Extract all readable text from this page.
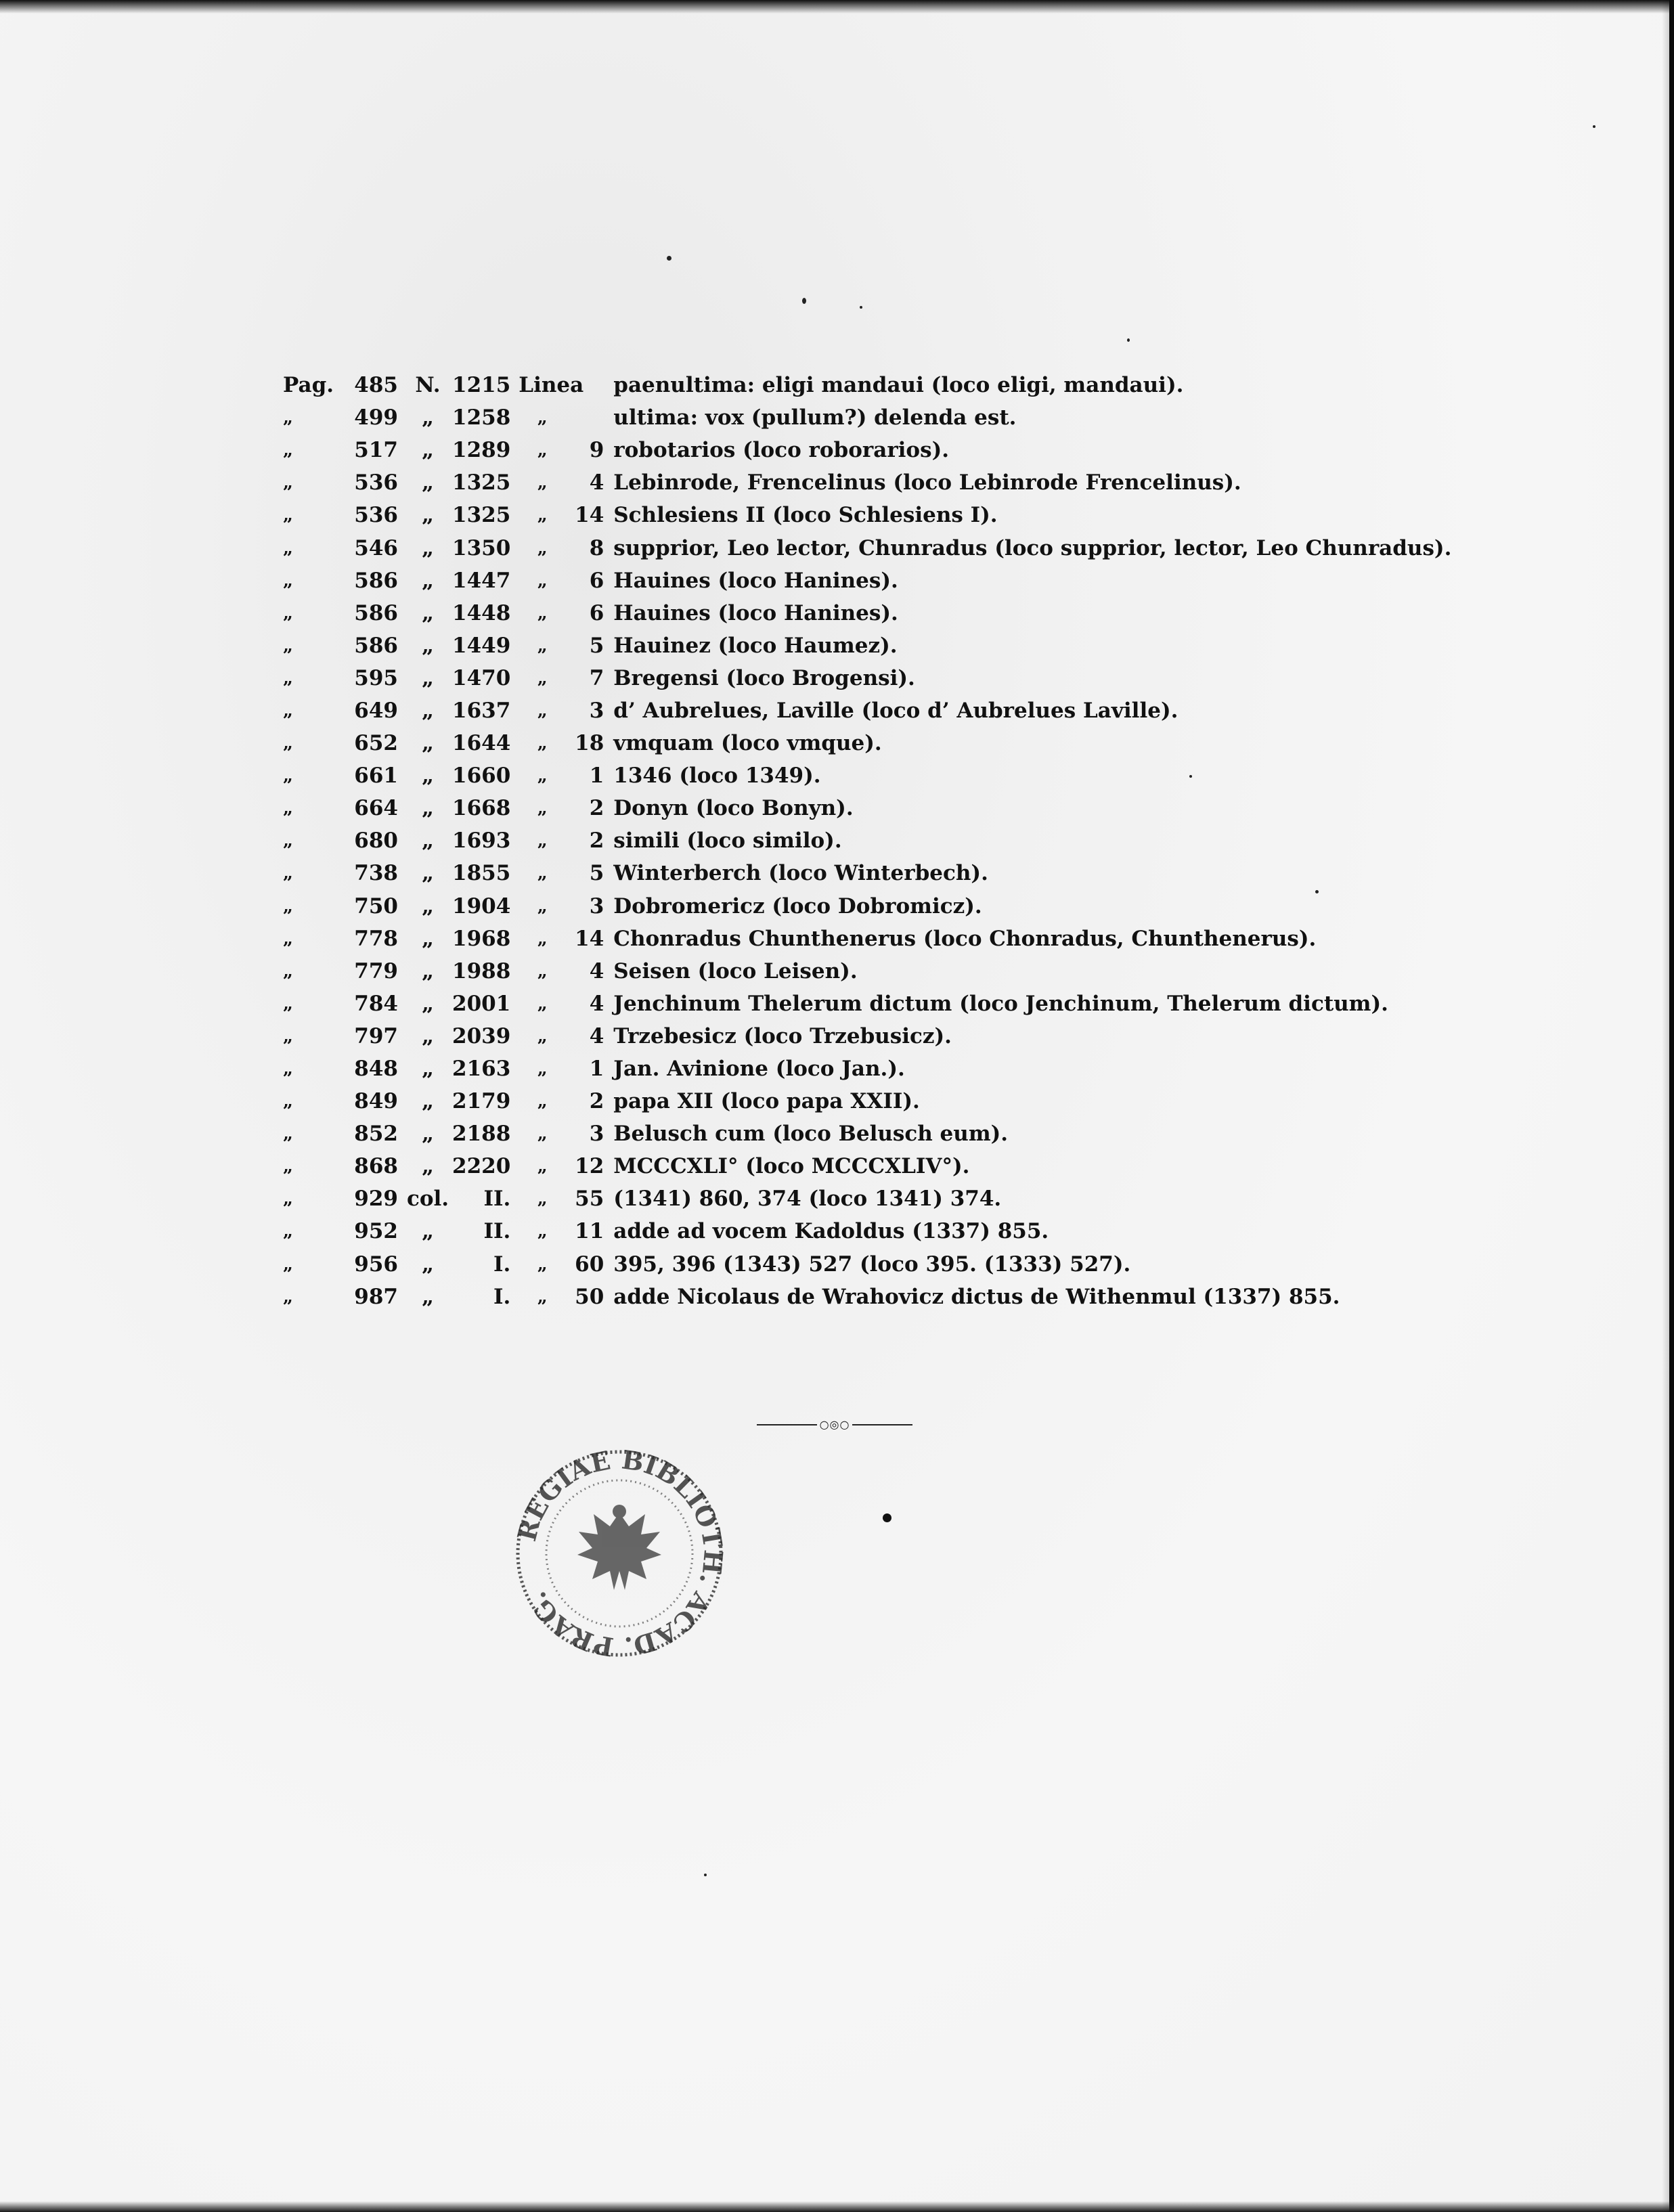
Pag.	485	N.	1215	Linea		paenultima: eligi mandaui (loco eligi, mandaui).
„	499	„	1258	„		ultima: vox (pullum?) delenda est.
„	517	„	1289	„	9	robotarios (loco roborarios).
„	536	„	1325	„	4	Lebinrode, Frencelinus (loco Lebinrode Frencelinus).
„	536	„	1325	„	14	Schlesiens II (loco Schlesiens I).
„	546	„	1350	„	8	supprior, Leo lector, Chunradus (loco supprior, lector, Leo Chunradus).
„	586	„	1447	„	6	Hauines (loco Hanines).
„	586	„	1448	„	6	Hauines (loco Hanines).
„	586	„	1449	„	5	Hauinez (loco Haumez).
„	595	„	1470	„	7	Bregensi (loco Brogensi).
„	649	„	1637	„	3	d’ Aubrelues, Laville (loco d’ Aubrelues Laville).
„	652	„	1644	„	18	vmquam (loco vmque).
„	661	„	1660	„	1	1346 (loco 1349).
„	664	„	1668	„	2	Donyn (loco Bonyn).
„	680	„	1693	„	2	simili (loco similo).
„	738	„	1855	„	5	Winterberch (loco Winterbech).
„	750	„	1904	„	3	Dobromericz (loco Dobromicz).
„	778	„	1968	„	14	Chonradus Chunthenerus (loco Chonradus, Chunthenerus).
„	779	„	1988	„	4	Seisen (loco Leisen).
„	784	„	2001	„	4	Jenchinum Thelerum dictum (loco Jenchinum, Thelerum dictum).
„	797	„	2039	„	4	Trzebesicz (loco Trzebusicz).
„	848	„	2163	„	1	Jan. Avinione (loco Jan.).
„	849	„	2179	„	2	papa XII (loco papa XXII).
„	852	„	2188	„	3	Belusch cum (loco Belusch eum).
„	868	„	2220	„	12	MCCCXLI° (loco MCCCXLIV°).
„	929	col.	II.	„	55	(1341) 860, 374 (loco 1341) 374.
„	952	„	II.	„	11	adde ad vocem Kadoldus (1337) 855.
„	956	„	I.	„	60	395, 396 (1343) 527 (loco 395. (1333) 527).
„	987	„	I.	„	50	adde Nicolaus de Wrahovicz dictus de Withenmul (1337) 855.
○◎○
REGIAE BIBLIOTH. ACAD. PRAG.
